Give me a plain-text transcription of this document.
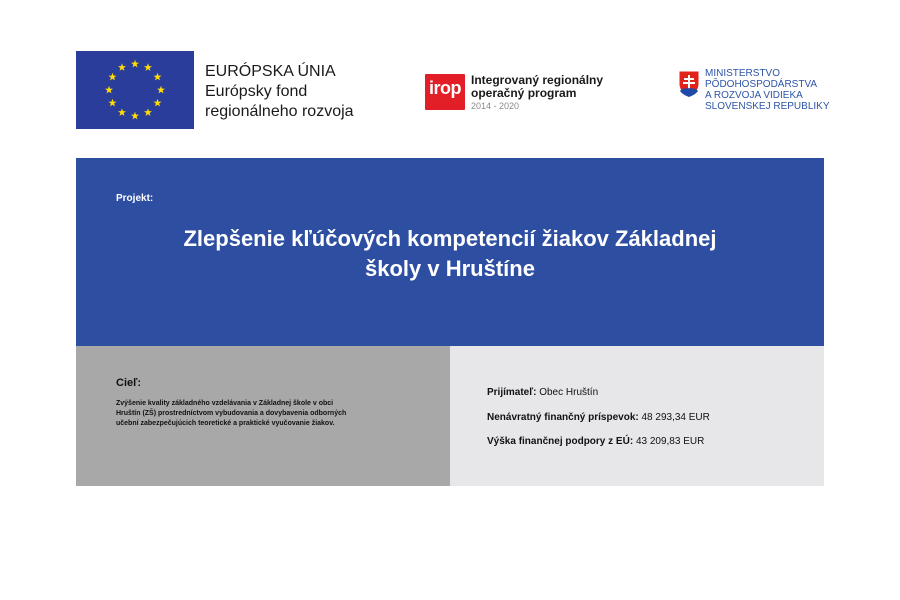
EURÓPSKA ÚNIA
Európsky fond
regionálneho rozvoja
irop Integrovaný regionálny
operačný program
2014 - 2020
MINISTERSTVO
PÔDOHOSPODÁRSTVA
A ROZVOJA VIDIEKA
SLOVENSKEJ REPUBLIKY
Projekt:
Zlepšenie kľúčových kompetencií žiakov Základnej
školy v Hruštíne
Cieľ:
Zvýšenie kvality základného vzdelávania v Základnej škole v obci
Hruštín (ZŠ) prostredníctvom vybudovania a dovybavenia odborných
učební zabezpečujúcich teoretické a praktické vyučovanie žiakov.
Prijímateľ: Obec Hruštín
Nenávratný finančný príspevok: 48 293,34 EUR
Výška finančnej podpory z EÚ: 43 209,83 EUR
